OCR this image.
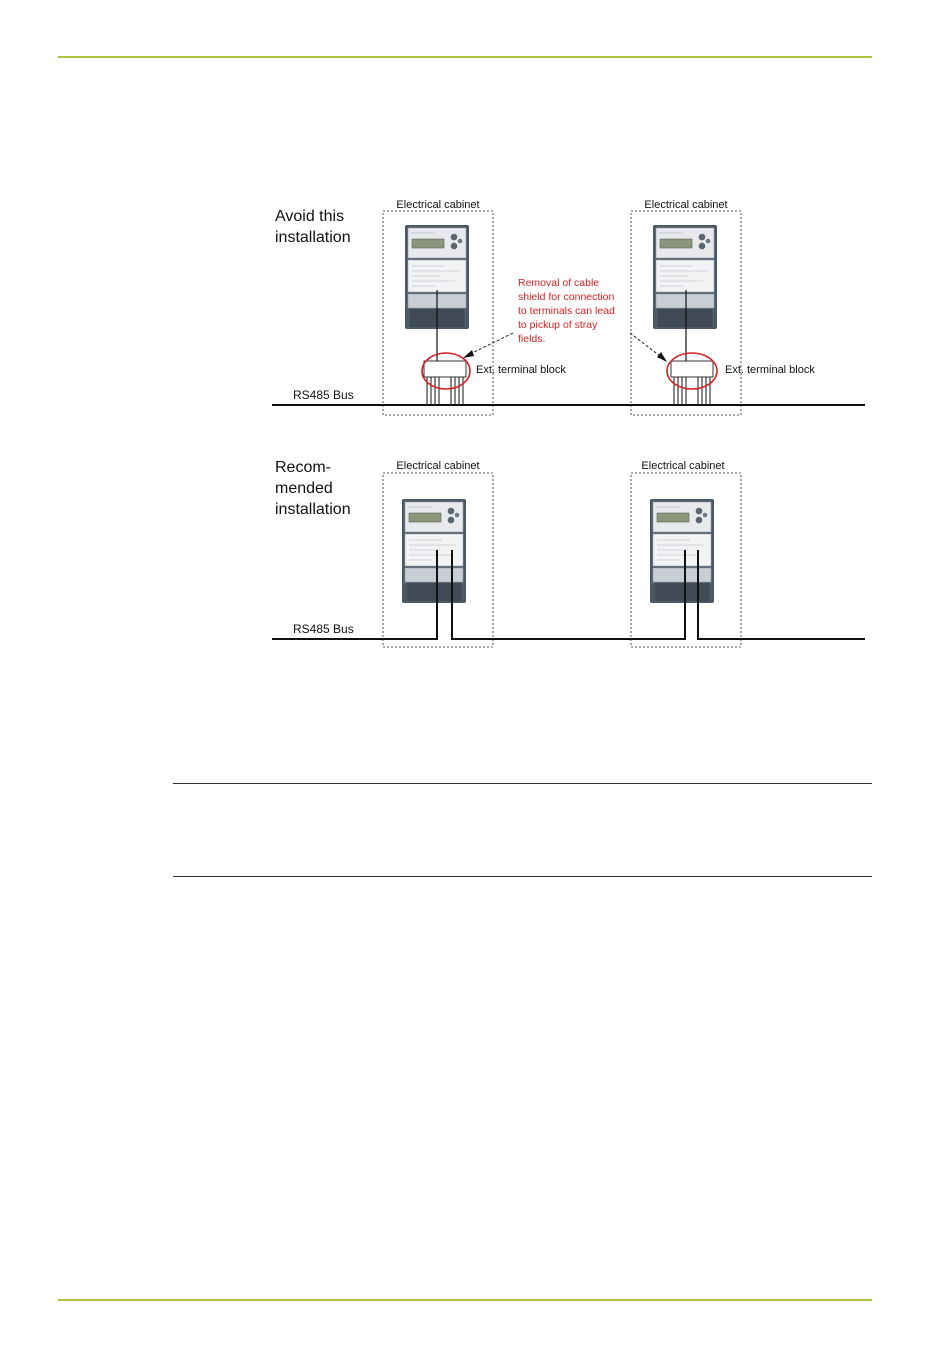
Avoid this
installation
Electrical cabinet	Electrical cabinet
Ext. terminal block	Ext. terminal block
Removal of cable
shield for connection
to terminals can lead
to pickup of stray
fields.
RS485 Bus
Recom-
mended
installation
Electrical cabinet	Electrical cabinet
RS485 Bus
